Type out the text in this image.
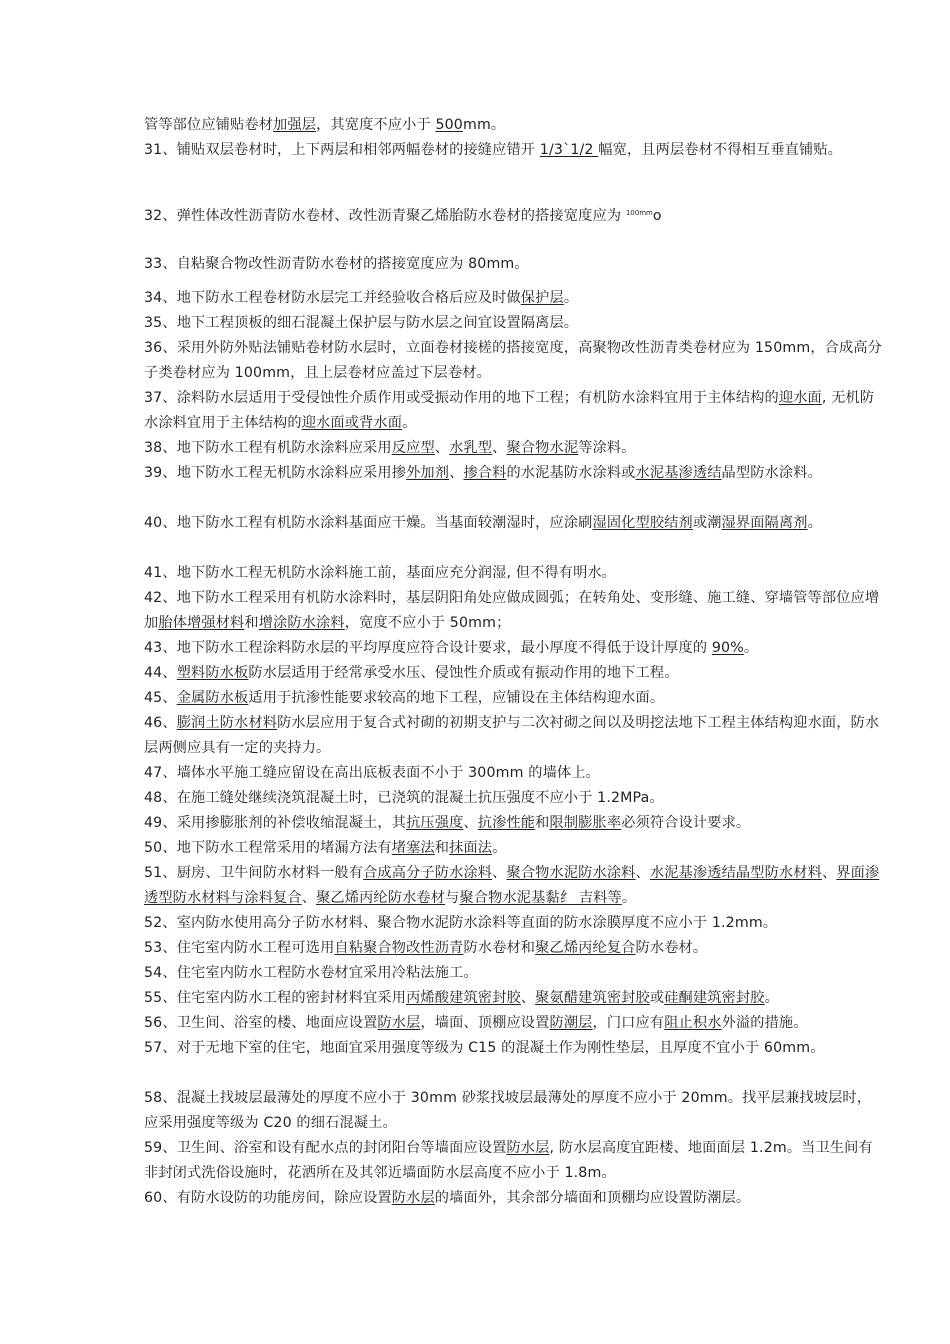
管等部位应铺贴卷材加强层，其宽度不应小于 500mm。
31、铺贴双层卷材时，上下两层和相邻两幅卷材的接缝应错开 1/3`1/2 幅宽，且两层卷材不得相互垂直铺贴。
32、弹性体改性沥青防水卷材、改性沥青聚乙烯胎防水卷材的搭接宽度应为 $^{100mm}$o
33、自粘聚合物改性沥青防水卷材的搭接宽度应为 80mm。
34、地下防水工程卷材防水层完工并经验收合格后应及时做保护层。
35、地下工程顶板的细石混凝土保护层与防水层之间宜设置隔离层。
36、采用外防外贴法铺贴卷材防水层时，立面卷材接槎的搭接宽度，高聚物改性沥青类卷材应为 150mm，合成高分子类卷材应为 100mm，且上层卷材应盖过下层卷材。
37、涂料防水层适用于受侵蚀性介质作用或受振动作用的地下工程；有机防水涂料宜用于主体结构的迎水面, 无机防水涂料宜用于主体结构的迎水面或背水面。
38、地下防水工程有机防水涂料应采用反应型、水乳型、聚合物水泥等涂料。
39、地下防水工程无机防水涂料应采用掺外加剂、掺合料的水泥基防水涂料或水泥基渗透结晶型防水涂料。
40、地下防水工程有机防水涂料基面应干燥。当基面较潮湿时，应涂刷湿固化型胶结剂或潮湿界面隔离剂。
41、地下防水工程无机防水涂料施工前，基面应充分润湿, 但不得有明水。
42、地下防水工程采用有机防水涂料时，基层阴阳角处应做成圆弧；在转角处、变形缝、施工缝、穿墙管等部位应增加胎体增强材料和增涂防水涂料，宽度不应小于 50mm；
43、地下防水工程涂料防水层的平均厚度应符合设计要求，最小厚度不得低于设计厚度的 90%。
44、塑料防水板防水层适用于经常承受水压、侵蚀性介质或有振动作用的地下工程。
45、金属防水板适用于抗渗性能要求较高的地下工程，应铺设在主体结构迎水面。
46、膨润土防水材料防水层应用于复合式衬砌的初期支护与二次衬砌之间以及明挖法地下工程主体结构迎水面，防水层两侧应具有一定的夹持力。
47、墙体水平施工缝应留设在高出底板表面不小于 300mm 的墙体上。
48、在施工缝处继续浇筑混凝土时，已浇筑的混凝土抗压强度不应小于 1.2MPa。
49、采用掺膨胀剂的补偿收缩混凝土，其抗压强度、抗渗性能和限制膨胀率必须符合设计要求。
50、地下防水工程常采用的堵漏方法有堵塞法和抹面法。
51、厨房、卫牛间防水材料一般有合成高分子防水涂料、聚合物水泥防水涂料、水泥基渗透结晶型防水材料、界面渗透型防水材料与涂料复合、聚乙烯丙纶防水卷材与聚合物水泥基黏纟 吉料等。
52、室内防水使用高分子防水材料、聚合物水泥防水涂料等直面的防水涂膜厚度不应小于 1.2mm。
53、住宅室内防水工程可选用自粘聚合物改性沥青防水卷材和聚乙烯丙纶复合防水卷材。
54、住宅室内防水工程防水卷材宜采用冷粘法施工。
55、住宅室内防水工程的密封材料宜采用丙烯酸建筑密封胶、聚氨醋建筑密封胶或硅酮建筑密封胶。
56、卫生间、浴室的楼、地面应设置防水层，墙面、顶棚应设置防潮层，门口应有阻止积水外溢的措施。
57、对于无地下室的住宅，地面宜采用强度等级为 C15 的混凝土作为刚性垫层，且厚度不宜小于 60mm。
58、混凝土找坡层最薄处的厚度不应小于 30mm 砂浆找坡层最薄处的厚度不应小于 20mm。找平层兼找坡层时，应采用强度等级为 C20 的细石混凝土。
59、卫生间、浴室和设有配水点的封闭阳台等墙面应设置防水层, 防水层高度宜距楼、地面面层 1.2m。当卫生间有非封闭式洗俗设施时，花洒所在及其邻近墙面防水层高度不应小于 1.8m。
60、有防水设防的功能房间，除应设置防水层的墙面外，其余部分墙面和顶棚均应设置防潮层。
